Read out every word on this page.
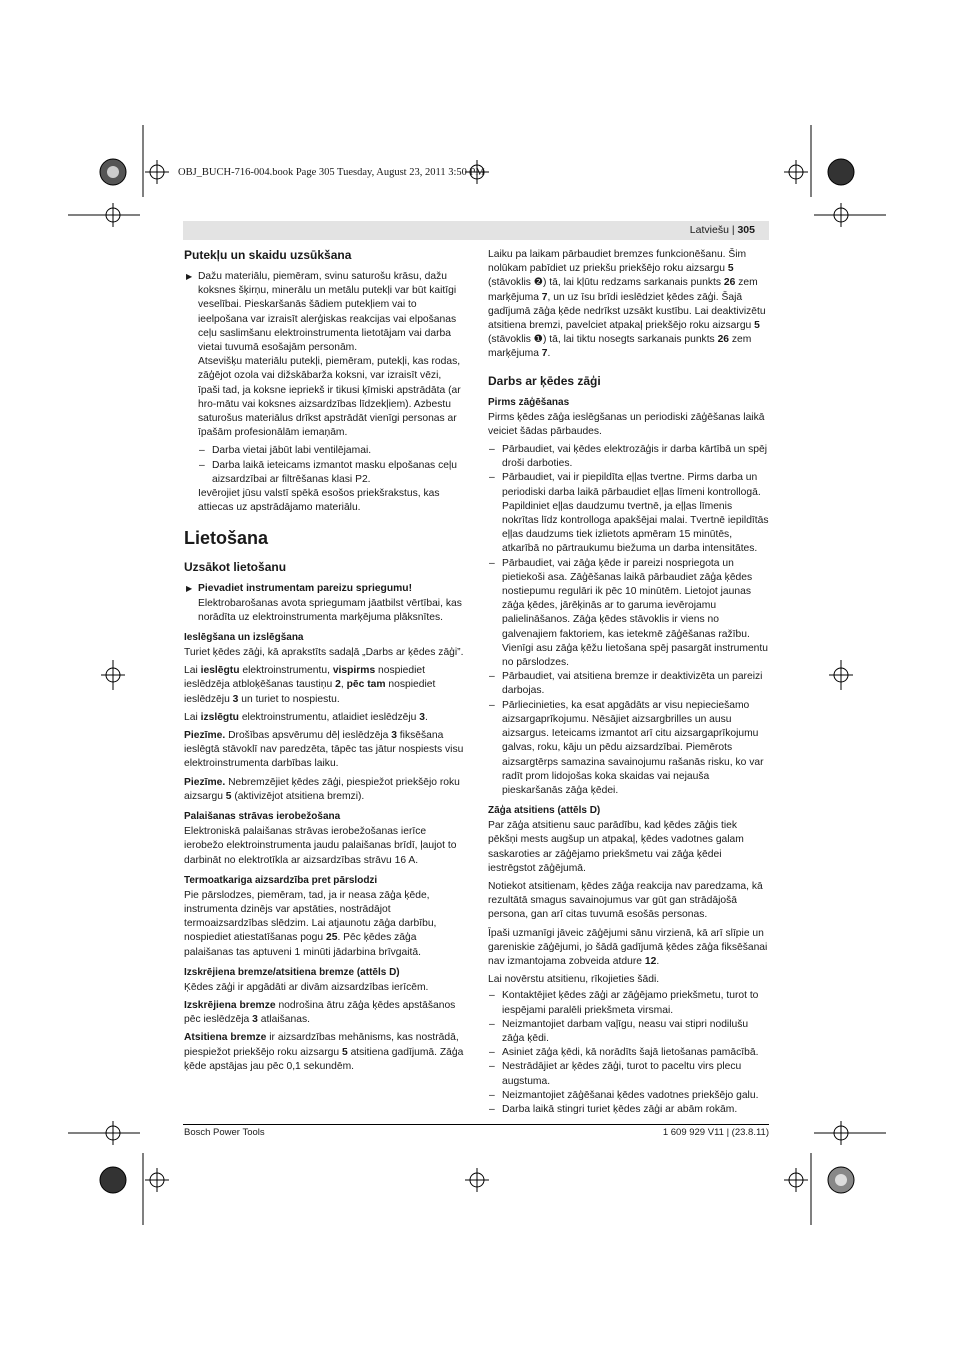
OBJ_BUCH-716-004.book Page 305 Tuesday, August 23, 2011 3:50 PM
Latviešu | 305
Putekļu un skaidu uzsūkšana
▶ Dažu materiālu, piemēram, svinu saturošu krāsu, dažu koksnes šķirņu, minerālu un metālu putekļi var būt kaitīgi veselībai. Pieskaršanās šādiem putekļiem vai to ieelpošana var izraisīt alerģiskas reakcijas vai elpošanas ceļu saslimšanu elektroinstrumenta lietotājam vai darba vietai tuvumā esošajām personām.

Atsevišķu materiālu putekļi, piemēram, putekļi, kas rodas, zāģējot ozola vai dižskābarža koksni, var izraisīt vēzi, īpaši tad, ja koksne iepriekš ir tikusi ķīmiski apstrādāta (ar hro-mātu vai koksnes aizsardzības līdzekļiem). Azbestu saturošus materiālus drīkst apstrādāt vienīgi personas ar īpašām profesionālām iemaņām.

– Darba vietai jābūt labi ventilējamai.
– Darba laikā ieteicams izmantot masku elpošanas ceļu aizsardzībai ar filtrēšanas klasi P2.

Ievērojiet jūsu valstī spēkā esošos priekšrakstus, kas attiecas uz apstrādājamo materiālu.

Lietošana
Uzsākot lietošanu
▶ Pievadiet instrumentam pareizu spriegumu!
Elektrobarošanas avota spriegumam jāatbilst vērtībai, kas norādīta uz elektroinstrumenta marķējuma plāksnītes.
Ieslēgšana un izslēgšana

Turiet ķēdes zāģi, kā aprakstīts sadaļā „Darbs ar ķēdes zāģi”.

Lai ieslēgtu elektroinstrumentu, vispirms nospiediet ieslēdzēja atbloķēšanas taustiņu 2, pēc tam nospiediet ieslēdzēju 3 un turiet to nospiestu.

Lai izslēgtu elektroinstrumentu, atlaidiet ieslēdzēju 3.

Piezīme. Drošības apsvērumu dēļ ieslēdzēja 3 fiksēšana ieslēgtā stāvoklī nav paredzēta, tāpēc tas jātur nospiests visu elektroinstrumenta darbības laiku.

Piezīme. Nebremzējiet ķēdes zāģi, piespiežot priekšējo roku aizsargu 5 (aktivizējot atsitiena bremzi).

Palaišanas strāvas ierobežošana

Elektroniskā palaišanas strāvas ierobežošanas ierīce ierobežo elektroinstrumenta jaudu palaišanas brīdī, ļaujot to darbināt no elektrotīkla ar aizsardzības strāvu 16 A.

Termoatkariga aizsardzība pret pārslodzi

Pie pārslodzes, piemēram, tad, ja ir neasa zāģa ķēde, instrumenta dzinējs var apstāties, nostrādājot termoaizsardzības slēdzim. Lai atjaunotu zāģa darbību, nospiediet atiestatīšanas pogu 25. Pēc ķēdes zāģa palaišanas tas aptuveni 1 minūti jādarbina brīvgaitā.

Izskrējiena bremze/atsitiena bremze (attēls D)

Ķēdes zāģi ir apgādāti ar divām aizsardzības ierīcēm.

Izskrējiena bremze nodrošina ātru zāģa ķēdes apstāšanos pēc ieslēdzēja 3 atlaišanas.

Atsitiena bremze ir aizsardzības mehānisms, kas nostrādā, piespiežot priekšējo roku aizsargu 5 atsitiena gadījumā. Zāģa ķēde apstājas jau pēc 0,1 sekundēm.

Laiku pa laikam pārbaudiet bremzes funkcionēšanu. Šim nolūkam pabīdiet uz priekšu priekšējo roku aizsargu 5 (stāvoklis ❷) tā, lai kļūtu redzams sarkanais punkts 26 zem marķējuma 7, un uz īsu brīdi ieslēdziet ķēdes zāģi. Šajā gadījumā zāģa ķēde nedrīkst uzsākt kustību. Lai deaktivizētu atsitiena bremzi, pavelciet atpakaļ priekšējo roku aizsargu 5 (stāvoklis ❶) tā, lai tiktu nosegts sarkanais punkts 26 zem marķējuma 7.

Darbs ar ķēdes zāģi
Pirms zāģēšanas

Pirms ķēdes zāģa ieslēgšanas un periodiski zāģēšanas laikā veiciet šādas pārbaudes.

– Pārbaudiet, vai ķēdes elektrozāģis ir darba kārtībā un spēj droši darboties.
– Pārbaudiet, vai ir piepildīta eļļas tvertne. Pirms darba un periodiski darba laikā pārbaudiet eļļas līmeni kontrollogā. Papildiniet eļļas daudzumu tvertnē, ja eļļas līmenis nokrītas līdz kontrolloga apakšējai malai. Tvertnē iepildītās eļļas daudzums tiek izlietots apmēram 15 minūtēs, atkarībā no pārtraukumu biežuma un darba intensitātes.
– Pārbaudiet, vai zāģa ķēde ir pareizi nospriegota un pietiekoši asa. Zāģēšanas laikā pārbaudiet zāģa ķēdes nostiepumu regulāri ik pēc 10 minūtēm. Lietojot jaunas zāģa ķēdes, jārēķinās ar to garuma ievērojamu palielināšanos. Zāģa ķēdes stāvoklis ir viens no galvenajiem faktoriem, kas ietekmē zāģēšanas ražību. Vienīgi asu zāģa ķēžu lietošana spēj pasargāt instrumentu no pārslodzes.
– Pārbaudiet, vai atsitiena bremze ir deaktivizēta un pareizi darbojas.
– Pārliecinieties, ka esat apgādāts ar visu nepieciešamo aizsargaprīkojumu. Nēsājiet aizsargbrilles un ausu aizsargus. Ieteicams izmantot arī citu aizsargaprīkojumu galvas, roku, kāju un pēdu aizsardzībai. Piemērots aizsargtērps samazina savainojumu rašanās risku, ko var radīt prom lidojošas koka skaidas vai nejauša pieskaršanās zāģa ķēdei.
Zāģa atsitiens (attēls D)

Par zāģa atsitienu sauc parādību, kad ķēdes zāģis tiek pēkšņi mests augšup un atpakaļ, ķēdes vadotnes galam saskaroties ar zāģējamo priekšmetu vai zāģa ķēdei iestrēgstot zāģējumā.

Notiekot atsitienam, ķēdes zāģa reakcija nav paredzama, kā rezultātā smagus savainojumus var gūt gan strādājošā persona, gan arī citas tuvumā esošās personas.

Īpaši uzmanīgi jāveic zāģējumi sānu virzienā, kā arī slīpie un gareniskie zāģējumi, jo šādā gadījumā ķēdes zāģa fiksēšanai nav izmantojama zobveida atdure 12.

Lai novērstu atsitienu, rīkojieties šādi.

– Kontaktējiet ķēdes zāģi ar zāģējamo priekšmetu, turot to iespējami paralēli priekšmeta virsmai.
– Neizmantojiet darbam vaļīgu, neasu vai stipri nodilušu zāģa ķēdi.
– Asiniet zāģa ķēdi, kā norādīts šajā lietošanas pamācībā.
– Nestrādājiet ar ķēdes zāģi, turot to paceltu virs plecu augstuma.
– Neizmantojiet zāģēšanai ķēdes vadotnes priekšējo galu.
– Darba laikā stingri turiet ķēdes zāģi ar abām rokām.
Bosch Power Tools	1 609 929 V11 | (23.8.11)
